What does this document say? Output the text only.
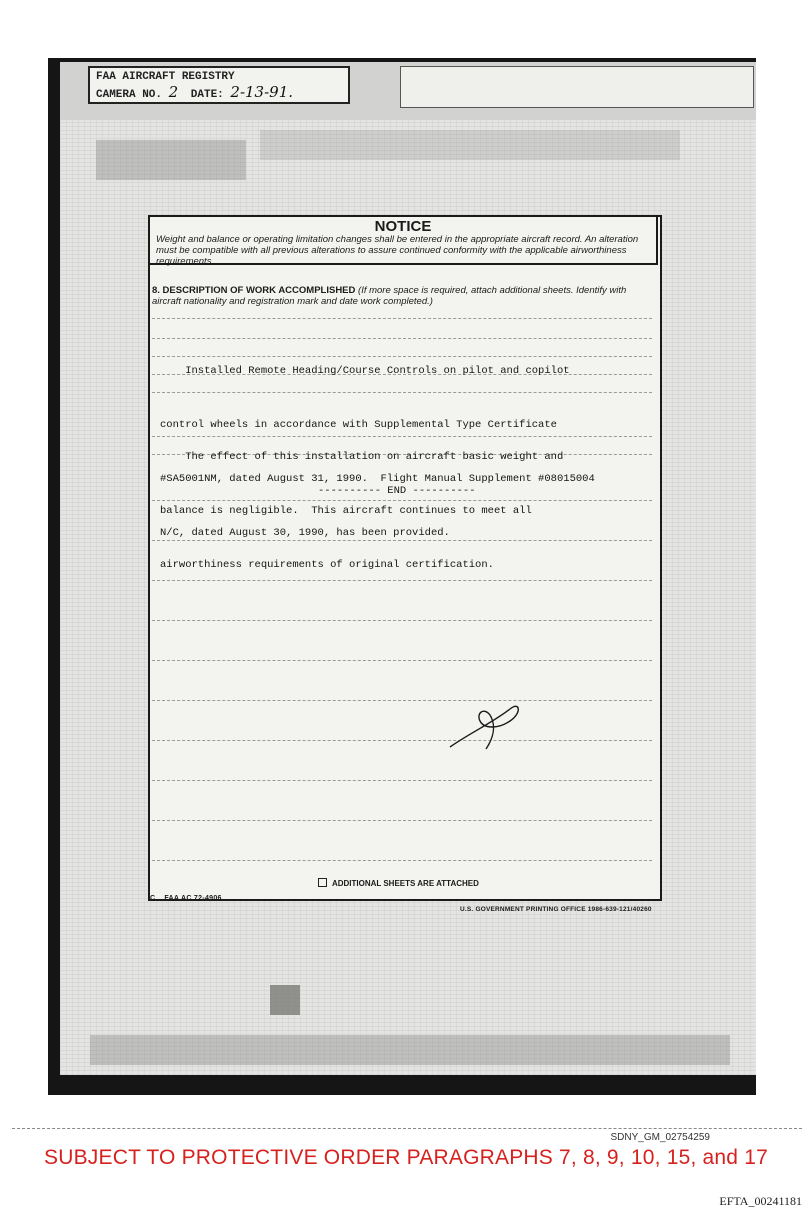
FAA AIRCRAFT REGISTRY
CAMERA NO. 2 DATE: 2-13-91.

NOTICE

Weight and balance or operating limitation changes shall be entered in the appropriate aircraft record. An alteration must be compatible with all previous alterations to assure continued conformity with the applicable airworthiness requirements.

8. DESCRIPTION OF WORK ACCOMPLISHED (If more space is required, attach additional sheets. Identify with aircraft nationality and registration mark and date work completed.)

Installed Remote Heading/Course Controls on pilot and copilot

control wheels in accordance with Supplemental Type Certificate

#SA5001NM, dated August 31, 1990.  Flight Manual Supplement #08015004

N/C, dated August 30, 1990, has been provided.

The effect of this installation on aircraft basic weight and

balance is negligible.  This aircraft continues to meet all

airworthiness requirements of original certification.

---------- END ----------
ADDITIONAL SHEETS ARE ATTACHED
C FAA AC 72-4906
U.S. GOVERNMENT PRINTING OFFICE 1986-639-121/40260
SDNY_GM_02754259
SUBJECT TO PROTECTIVE ORDER PARAGRAPHS 7, 8, 9, 10, 15, and 17
EFTA_00241181
